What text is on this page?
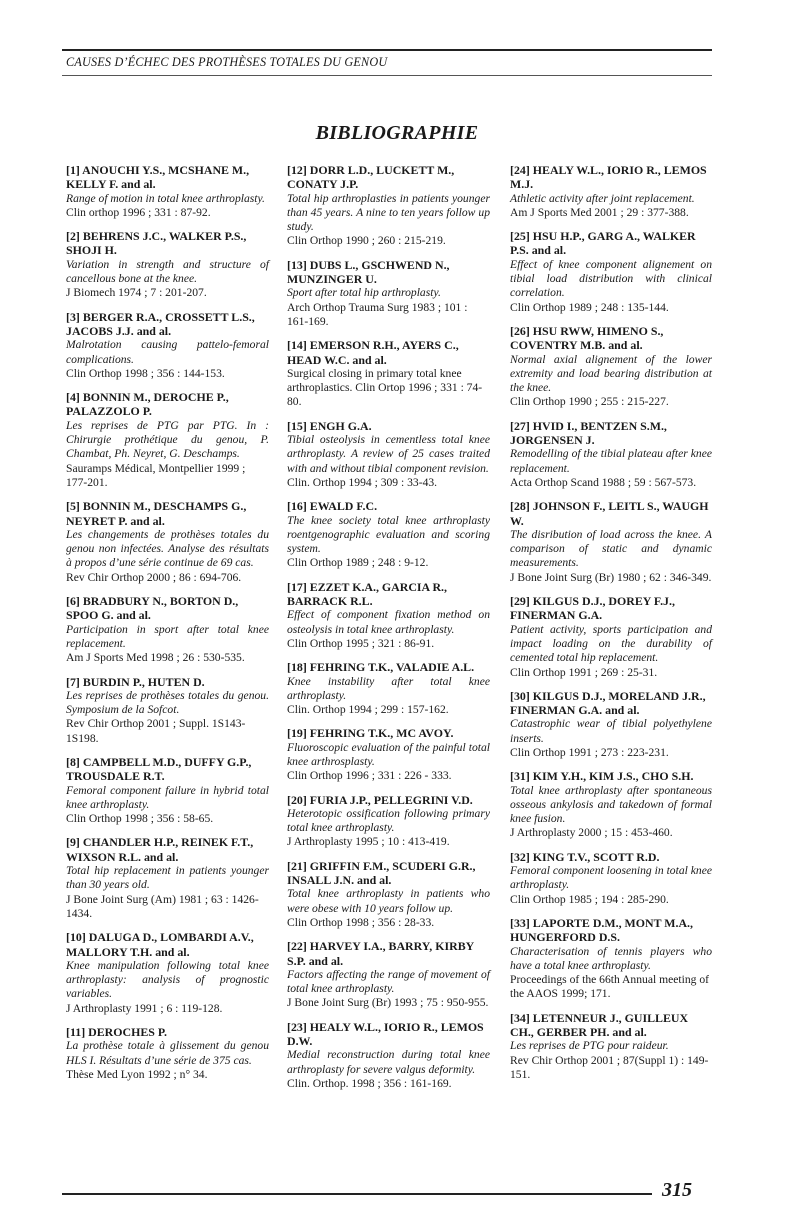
CAUSES D’ÉCHEC DES PROTHÈSES TOTALES DU GENOU
BIBLIOGRAPHIE
[1] ANOUCHI Y.S., MCSHANE M., KELLY F. and al.
Range of motion in total knee arthroplasty.
Clin orthop 1996 ; 331 : 87-92.
[2] BEHRENS J.C., WALKER P.S., SHOJI H.
Variation in strength and structure of cancellous bone at the knee.
J Biomech 1974 ; 7 : 201-207.
[3] BERGER R.A., CROSSETT L.S., JACOBS J.J. and al.
Malrotation causing pattelo-femoral complications.
Clin Orthop 1998 ; 356 : 144-153.
[4] BONNIN M., DEROCHE P., PALAZZOLO P.
Les reprises de PTG par PTG. In : Chirurgie prothétique du genou, P. Chambat, Ph. Neyret, G. Deschamps.
Sauramps Médical, Montpellier 1999 ; 177-201.
[5] BONNIN M., DESCHAMPS G., NEYRET P. and al.
Les changements de prothèses totales du genou non infectées. Analyse des résultats à propos d’une série continue de 69 cas.
Rev Chir Orthop 2000 ; 86 : 694-706.
[6] BRADBURY N., BORTON D., SPOO G. and al.
Participation in sport after total knee replacement.
Am J Sports Med 1998 ; 26 : 530-535.
[7] BURDIN P., HUTEN D.
Les reprises de prothèses totales du genou. Symposium de la Sofcot.
Rev Chir Orthop 2001 ; Suppl. 1S143-1S198.
[8] CAMPBELL M.D., DUFFY G.P., TROUSDALE R.T.
Femoral component failure in hybrid total knee arthroplasty.
Clin Orthop 1998 ; 356 : 58-65.
[9] CHANDLER H.P., REINEK F.T., WIXSON R.L. and al.
Total hip replacement in patients younger than 30 years old.
J Bone Joint Surg (Am) 1981 ; 63 : 1426-1434.
[10] DALUGA D., LOMBARDI A.V., MALLORY T.H. and al.
Knee manipulation following total knee arthroplasty: analysis of prognostic variables.
J Arthroplasty 1991 ; 6 : 119-128.
[11] DEROCHES P.
La prothèse totale à glissement du genou HLS I. Résultats d’une série de 375 cas.
Thèse Med Lyon 1992 ; n° 34.
[12] DORR L.D., LUCKETT M., CONATY J.P.
Total hip arthroplasties in patients younger than 45 years. A nine to ten years follow up study.
Clin Orthop 1990 ; 260 : 215-219.
[13] DUBS L., GSCHWEND N., MUNZINGER U.
Sport after total hip arthroplasty.
Arch Orthop Trauma Surg 1983 ; 101 : 161-169.
[14] EMERSON R.H., AYERS C., HEAD W.C. and al.
Surgical closing in primary total knee arthroplastics. Clin Ortop 1996 ; 331 : 74-80.
[15] ENGH G.A.
Tibial osteolysis in cementless total knee arthroplasty. A review of 25 cases traited with and without tibial component revision.
Clin. Orthop 1994 ; 309 : 33-43.
[16] EWALD F.C.
The knee society total knee arthroplasty roentgenographic evaluation and scoring system.
Clin Orthop 1989 ; 248 : 9-12.
[17] EZZET K.A., GARCIA R., BARRACK R.L.
Effect of component fixation method on osteolysis in total knee arthroplasty.
Clin Orthop 1995 ; 321 : 86-91.
[18] FEHRING T.K., VALADIE A.L.
Knee instability after total knee arthroplasty.
Clin. Orthop 1994 ; 299 : 157-162.
[19] FEHRING T.K., MC AVOY.
Fluoroscopic evaluation of the painful total knee arthrosplasty.
Clin Orthop 1996 ; 331 : 226 - 333.
[20] FURIA J.P., PELLEGRINI V.D.
Heterotopic ossification following primary total knee arthroplasty.
J Arthroplasty 1995 ; 10 : 413-419.
[21] GRIFFIN F.M., SCUDERI G.R., INSALL J.N. and al.
Total knee arthroplasty in patients who were obese with 10 years follow up.
Clin Orthop 1998 ; 356 : 28-33.
[22] HARVEY I.A., BARRY, KIRBY S.P. and al.
Factors affecting the range of movement of total knee arthroplasty.
J Bone Joint Surg (Br) 1993 ; 75 : 950-955.
[23] HEALY W.L., IORIO R., LEMOS D.W.
Medial reconstruction during total knee arthroplasty for severe valgus deformity.
Clin. Orthop. 1998 ; 356 : 161-169.
[24] HEALY W.L., IORIO R., LEMOS M.J.
Athletic activity after joint replacement.
Am J Sports Med 2001 ; 29 : 377-388.
[25] HSU H.P., GARG A., WALKER P.S. and al.
Effect of knee component alignement on tibial load distribution with clinical correlation.
Clin Orthop 1989 ; 248 : 135-144.
[26] HSU RWW, HIMENO S., COVENTRY M.B. and al.
Normal axial alignement of the lower extremity and load bearing distribution at the knee.
Clin Orthop 1990 ; 255 : 215-227.
[27] HVID I., BENTZEN S.M., JORGENSEN J.
Remodelling of the tibial plateau after knee replacement.
Acta Orthop Scand 1988 ; 59 : 567-573.
[28] JOHNSON F., LEITL S., WAUGH W.
The disribution of load across the knee. A comparison of static and dynamic measurements.
J Bone Joint Surg (Br) 1980 ; 62 : 346-349.
[29] KILGUS D.J., DOREY F.J., FINERMAN G.A.
Patient activity, sports participation and impact loading on the durability of cemented total hip replacement.
Clin Orthop 1991 ; 269 : 25-31.
[30] KILGUS D.J., MORELAND J.R., FINERMAN G.A. and al.
Catastrophic wear of tibial polyethylene inserts.
Clin Orthop 1991 ; 273 : 223-231.
[31] KIM Y.H., KIM J.S., CHO S.H.
Total knee arthroplasty after spontaneous osseous ankylosis and takedown of formal knee fusion.
J Arthroplasty 2000 ; 15 : 453-460.
[32] KING T.V., SCOTT R.D.
Femoral component loosening in total knee arthroplasty.
Clin Orthop 1985 ; 194 : 285-290.
[33] LAPORTE D.M., MONT M.A., HUNGERFORD D.S.
Characterisation of tennis players who have a total knee arthroplasty.
Proceedings of the 66th Annual meeting of the AAOS 1999; 171.
[34] LETENNEUR J., GUILLEUX CH., GERBER PH. and al.
Les reprises de PTG pour raideur.
Rev Chir Orthop 2001 ; 87(Suppl 1) : 149-151.
315
